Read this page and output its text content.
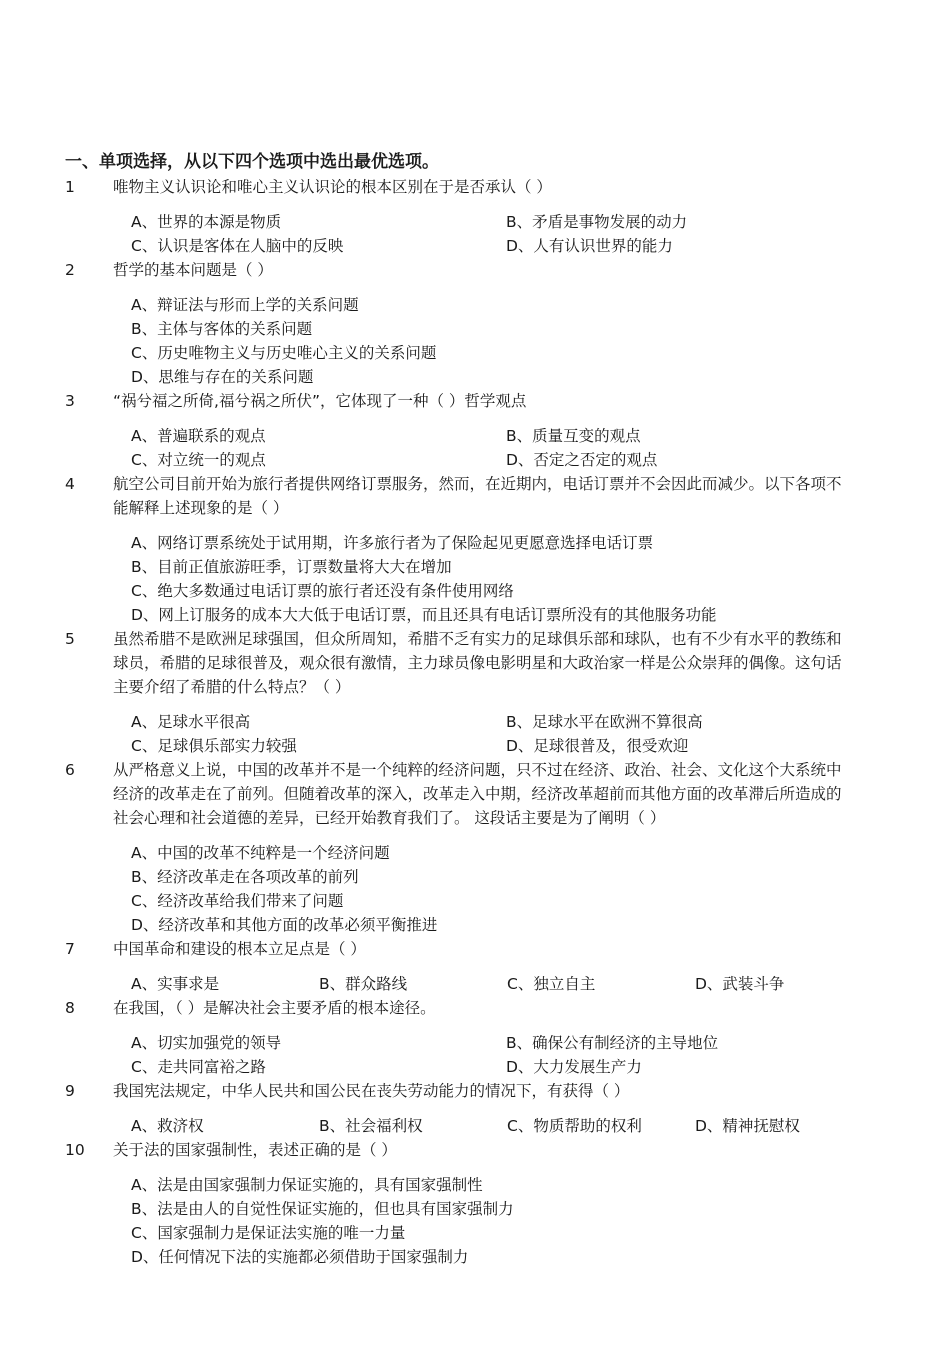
一、单项选择，从以下四个选项中选出最优选项。
1 唯物主义认识论和唯心主义认识论的根本区别在于是否承认（ ）
A、世界的本源是物质	B、矛盾是事物发展的动力
C、认识是客体在人脑中的反映	D、人有认识世界的能力
2 哲学的基本问题是（ ）
A、辩证法与形而上学的关系问题
B、主体与客体的关系问题
C、历史唯物主义与历史唯心主义的关系问题
D、思维与存在的关系问题
3 “祸兮福之所倚,福兮祸之所伏”，它体现了一种（ ）哲学观点
A、普遍联系的观点	B、质量互变的观点
C、对立统一的观点	D、否定之否定的观点
4 航空公司目前开始为旅行者提供网络订票服务，然而，在近期内，电话订票并不会因此而减少。以下各项不能解释上述现象的是（ ）
A、网络订票系统处于试用期，许多旅行者为了保险起见更愿意选择电话订票
B、目前正值旅游旺季，订票数量将大大在增加
C、绝大多数通过电话订票的旅行者还没有条件使用网络
D、网上订服务的成本大大低于电话订票，而且还具有电话订票所没有的其他服务功能
5 虽然希腊不是欧洲足球强国，但众所周知，希腊不乏有实力的足球俱乐部和球队，也有不少有水平的教练和球员，希腊的足球很普及，观众很有激情，主力球员像电影明星和大政治家一样是公众崇拜的偶像。这句话主要介绍了希腊的什么特点？（ ）
A、足球水平很高	B、足球水平在欧洲不算很高
C、足球俱乐部实力较强	D、足球很普及，很受欢迎
6 从严格意义上说，中国的改革并不是一个纯粹的经济问题，只不过在经济、政治、社会、文化这个大系统中经济的改革走在了前列。但随着改革的深入，改革走入中期，经济改革超前而其他方面的改革滞后所造成的社会心理和社会道德的差异，已经开始教育我们了。 这段话主要是为了阐明（ ）
A、中国的改革不纯粹是一个经济问题
B、经济改革走在各项改革的前列
C、经济改革给我们带来了问题
D、经济改革和其他方面的改革必须平衡推进
7 中国革命和建设的根本立足点是（ ）
A、实事求是	B、群众路线	C、独立自主	D、武装斗争
8 在我国，（ ）是解决社会主要矛盾的根本途径。
A、切实加强党的领导	B、确保公有制经济的主导地位
C、走共同富裕之路	D、大力发展生产力
9 我国宪法规定，中华人民共和国公民在丧失劳动能力的情况下，有获得（ ）
A、救济权	B、社会福利权	C、物质帮助的权利	D、精神抚慰权
10 关于法的国家强制性，表述正确的是（ ）
A、法是由国家强制力保证实施的，具有国家强制性
B、法是由人的自觉性保证实施的，但也具有国家强制力
C、国家强制力是保证法实施的唯一力量
D、任何情况下法的实施都必须借助于国家强制力
